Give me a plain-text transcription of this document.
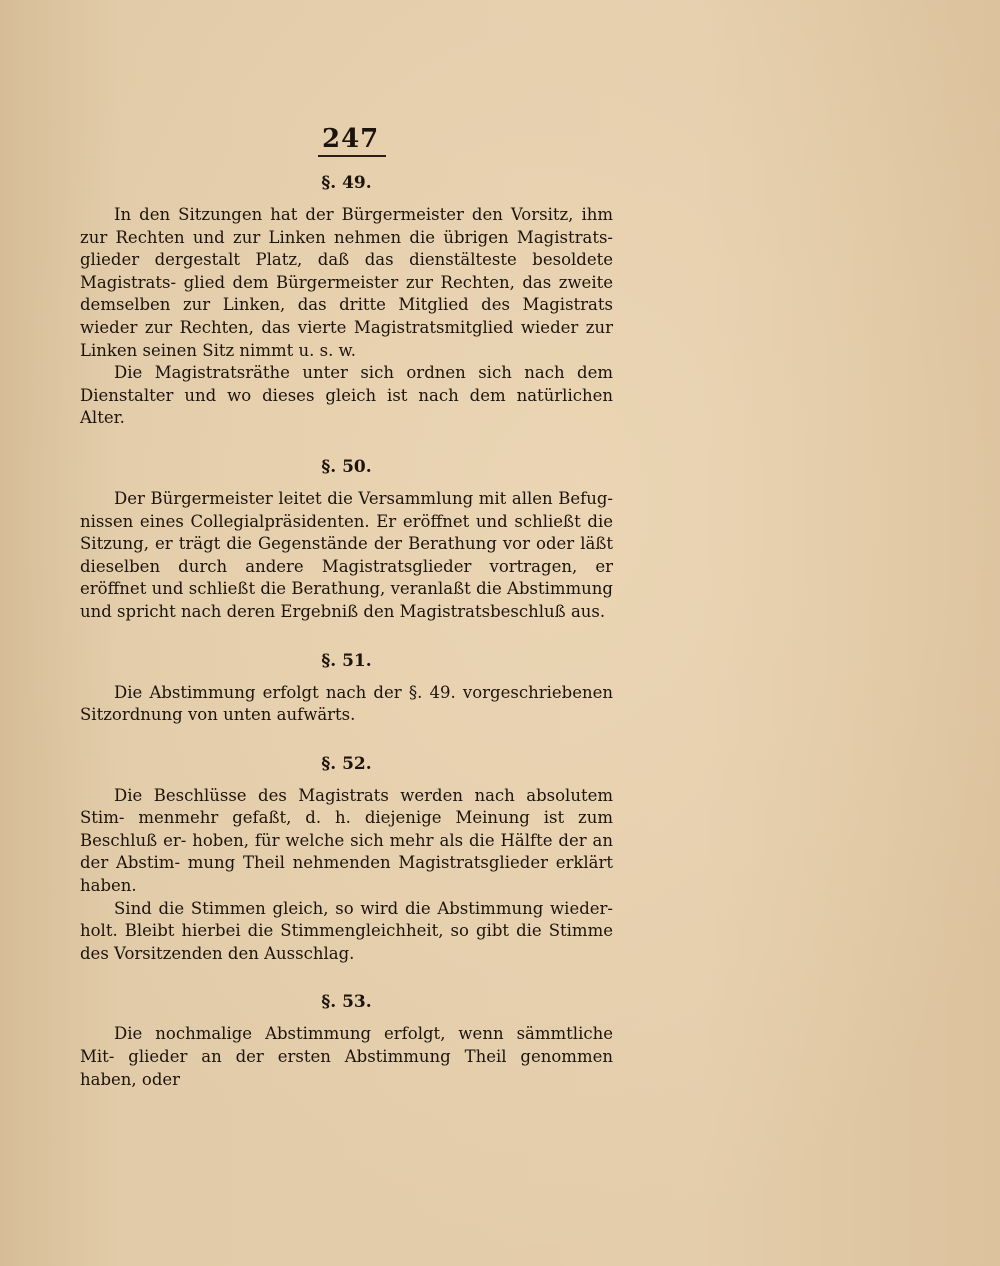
247
§. 49.

In den Sitzungen hat der Bürgermeister den Vorsitz, ihm zur Rechten und zur Linken nehmen die übrigen Magistrats- glieder dergestalt Platz, daß das dienstälteste besoldete Magistrats- glied dem Bürgermeister zur Rechten, das zweite demselben zur Linken, das dritte Mitglied des Magistrats wieder zur Rechten, das vierte Magistratsmitglied wieder zur Linken seinen Sitz nimmt u. s. w.

Die Magistratsräthe unter sich ordnen sich nach dem Dienstalter und wo dieses gleich ist nach dem natürlichen Alter.

§. 50.

Der Bürgermeister leitet die Versammlung mit allen Befug- nissen eines Collegialpräsidenten. Er eröffnet und schließt die Sitzung, er trägt die Gegenstände der Berathung vor oder läßt dieselben durch andere Magistratsglieder vortragen, er eröffnet und schließt die Berathung, veranlaßt die Abstimmung und spricht nach deren Ergebniß den Magistratsbeschluß aus.

§. 51.

Die Abstimmung erfolgt nach der §. 49. vorgeschriebenen Sitzordnung von unten aufwärts.

§. 52.

Die Beschlüsse des Magistrats werden nach absolutem Stim- menmehr gefaßt, d. h. diejenige Meinung ist zum Beschluß er- hoben, für welche sich mehr als die Hälfte der an der Abstim- mung Theil nehmenden Magistratsglieder erklärt haben.

Sind die Stimmen gleich, so wird die Abstimmung wieder- holt. Bleibt hierbei die Stimmengleichheit, so gibt die Stimme des Vorsitzenden den Ausschlag.

§. 53.

Die nochmalige Abstimmung erfolgt, wenn sämmtliche Mit- glieder an der ersten Abstimmung Theil genommen haben, oder
